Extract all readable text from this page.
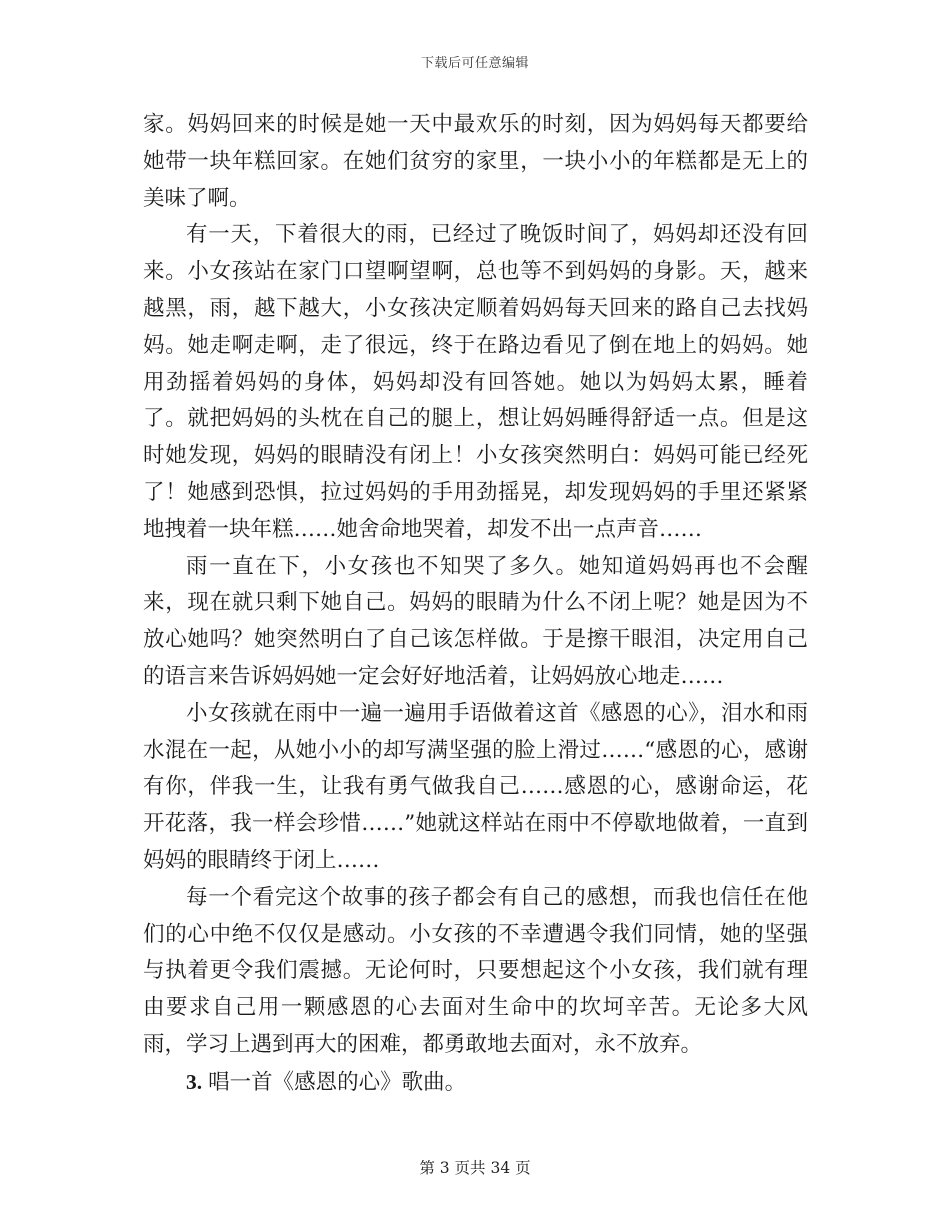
下载后可任意编辑

家。妈妈回来的时候是她一天中最欢乐的时刻，因为妈妈每天都要给她带一块年糕回家。在她们贫穷的家里，一块小小的年糕都是无上的美味了啊。

有一天，下着很大的雨，已经过了晚饭时间了，妈妈却还没有回来。小女孩站在家门口望啊望啊，总也等不到妈妈的身影。天，越来越黑，雨，越下越大，小女孩决定顺着妈妈每天回来的路自己去找妈妈。她走啊走啊，走了很远，终于在路边看见了倒在地上的妈妈。她用劲摇着妈妈的身体，妈妈却没有回答她。她以为妈妈太累，睡着了。就把妈妈的头枕在自己的腿上，想让妈妈睡得舒适一点。但是这时她发现，妈妈的眼睛没有闭上！小女孩突然明白：妈妈可能已经死了！她感到恐惧，拉过妈妈的手用劲摇晃，却发现妈妈的手里还紧紧地拽着一块年糕……她舍命地哭着，却发不出一点声音……

雨一直在下，小女孩也不知哭了多久。她知道妈妈再也不会醒来，现在就只剩下她自己。妈妈的眼睛为什么不闭上呢？她是因为不放心她吗？她突然明白了自己该怎样做。于是擦干眼泪，决定用自己的语言来告诉妈妈她一定会好好地活着，让妈妈放心地走……

小女孩就在雨中一遍一遍用手语做着这首《感恩的心》，泪水和雨水混在一起，从她小小的却写满坚强的脸上滑过……“感恩的心，感谢有你，伴我一生，让我有勇气做我自己……感恩的心，感谢命运，花开花落，我一样会珍惜……”她就这样站在雨中不停歇地做着，一直到妈妈的眼睛终于闭上……

每一个看完这个故事的孩子都会有自己的感想，而我也信任在他们的心中绝不仅仅是感动。小女孩的不幸遭遇令我们同情，她的坚强与执着更令我们震撼。无论何时，只要想起这个小女孩，我们就有理由要求自己用一颗感恩的心去面对生命中的坎坷辛苦。无论多大风雨，学习上遇到再大的困难，都勇敢地去面对，永不放弃。

3. 唱一首《感恩的心》歌曲。

第 3 页共 34 页
